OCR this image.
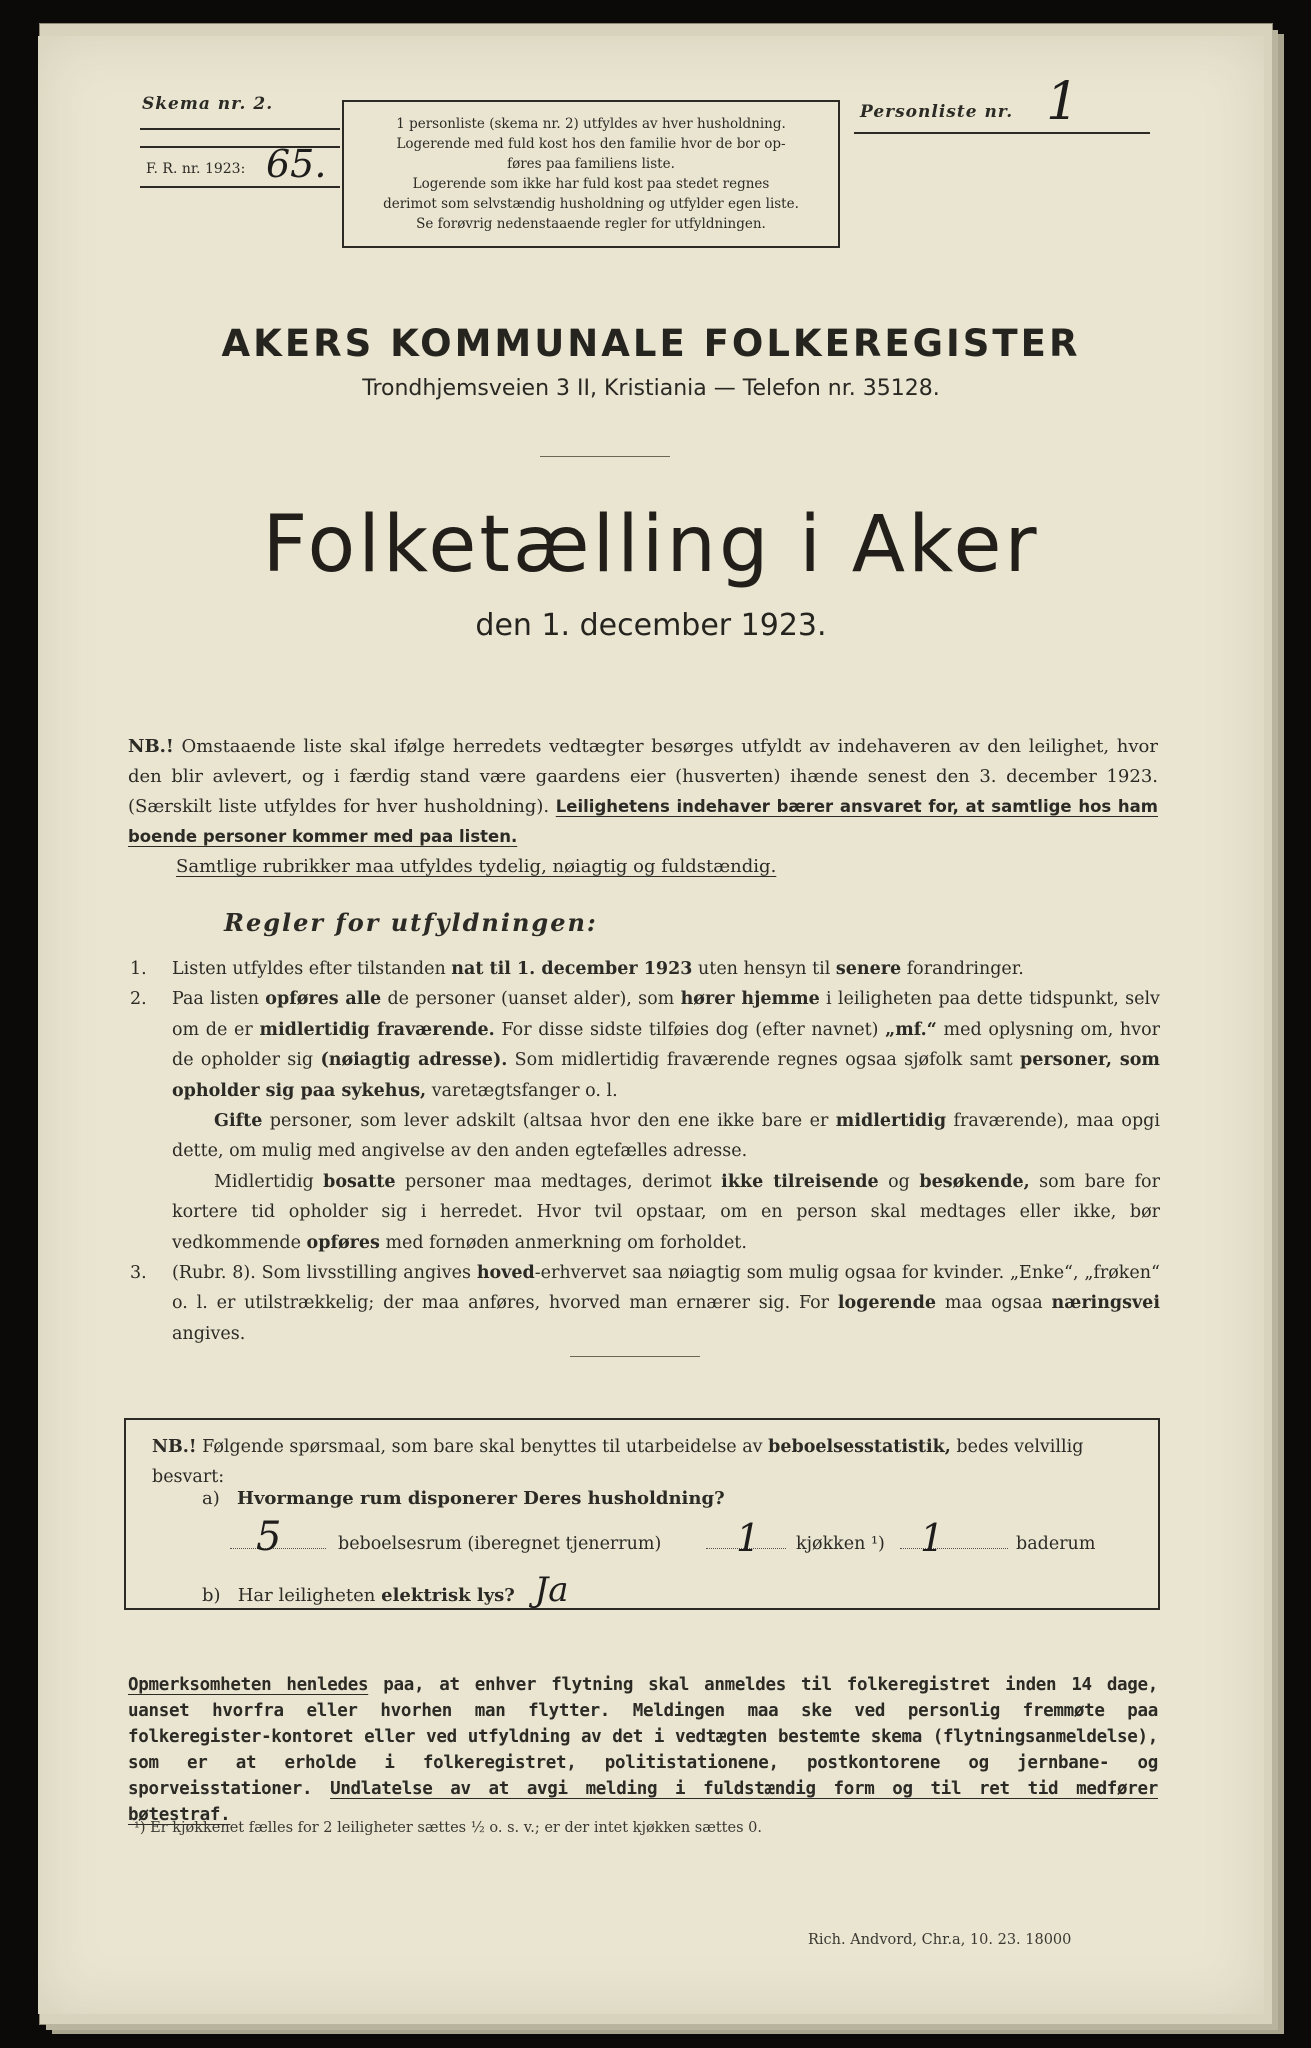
Skema nr. 2.
F. R. nr. 1923: 65.
1 personliste (skema nr. 2) utfyldes av hver husholdning.
Logerende med fuld kost hos den familie hvor de bor op-
føres paa familiens liste.
Logerende som ikke har fuld kost paa stedet regnes
derimot som selvstændig husholdning og utfylder egen liste.
Se forøvrig nedenstaaende regler for utfyldningen.
Personliste nr. 1
AKERS KOMMUNALE FOLKEREGISTER
Trondhjemsveien 3 II, Kristiania — Telefon nr. 35128.
Folketælling i Aker
den 1. december 1923.
NB.! Omstaaende liste skal ifølge herredets vedtægter besørges utfyldt av indehaveren av den leilighet, hvor den blir avlevert, og i færdig stand være gaardens eier (husverten) ihænde senest den 3. december 1923. (Særskilt liste utfyldes for hver husholdning). Leilighetens indehaver bærer ansvaret for, at samtlige hos ham boende personer kommer med paa listen.
Samtlige rubrikker maa utfyldes tydelig, nøiagtig og fuldstændig.
Regler for utfyldningen:
1. Listen utfyldes efter tilstanden nat til 1. december 1923 uten hensyn til senere forandringer.
2. Paa listen opføres alle de personer (uanset alder), som hører hjemme i leiligheten paa dette tidspunkt, selv om de er midlertidig fraværende. For disse sidste tilføies dog (efter navnet) „mf.“ med oplysning om, hvor de opholder sig (nøiagtig adresse). Som midlertidig fraværende regnes ogsaa sjøfolk samt personer, som opholder sig paa sykehus, varetægtsfanger o. l.
Gifte personer, som lever adskilt (altsaa hvor den ene ikke bare er midlertidig fraværende), maa opgi dette, om mulig med angivelse av den anden egtefælles adresse.
Midlertidig bosatte personer maa medtages, derimot ikke tilreisende og besøkende, som bare for kortere tid opholder sig i herredet. Hvor tvil opstaar, om en person skal medtages eller ikke, bør vedkommende opføres med fornøden anmerkning om forholdet.
3. (Rubr. 8). Som livsstilling angives hoved-erhvervet saa nøiagtig som mulig ogsaa for kvinder. „Enke“, „frøken“ o. l. er utilstrækkelig; der maa anføres, hvorved man ernærer sig. For logerende maa ogsaa næringsvei angives.
NB.! Følgende spørsmaal, som bare skal benyttes til utarbeidelse av beboelsesstatistik, bedes velvillig besvart:
a) Hvormange rum disponerer Deres husholdning?
5	beboelsesrum (iberegnet tjenerrum) 1 kjøkken ¹) 1	baderum
b) Har leiligheten elektrisk lys? Ja
Opmerksomheten henledes paa, at enhver flytning skal anmeldes til folkeregistret inden 14 dage, uanset hvorfra eller hvorhen man flytter. Meldingen maa ske ved personlig fremmøte paa folkeregister-kontoret eller ved utfyldning av det i vedtægten bestemte skema (flytningsanmeldelse), som er at erholde i folkeregistret, politistationene, postkontorene og jernbane- og sporveisstationer. Undlatelse av at avgi melding i fuldstændig form og til ret tid medfører bøtestraf.
¹) Er kjøkkenet fælles for 2 leiligheter sættes ½ o. s. v.; er der intet kjøkken sættes 0.
Rich. Andvord, Chr.a, 10. 23. 18000
